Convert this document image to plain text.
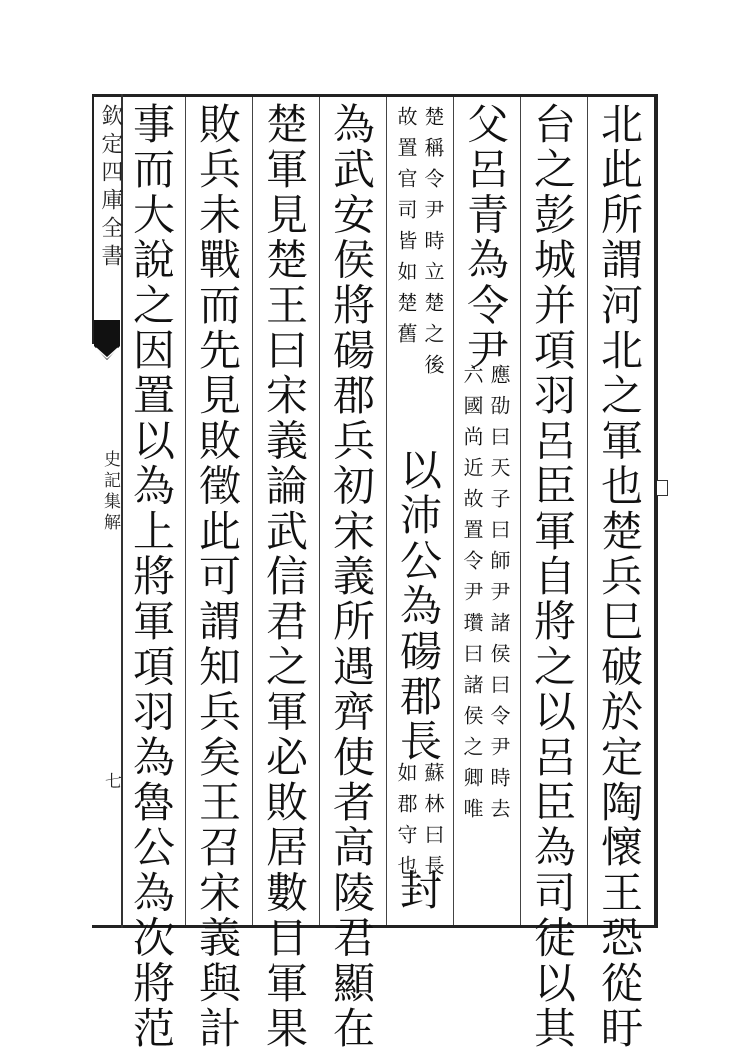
欽定四庫全書
史記集解
七	北此所謂河北之軍也楚兵巳破於定陶懷王恐從盱
台之彭城并項羽呂臣軍自將之以呂臣為司徒以其
父呂青為令尹
應劭曰天子曰師尹諸侯曰令尹時去
六國尚近故置令尹瓚曰諸侯之卿唯
楚稱令尹時立楚之後
故置官司皆如楚舊
以沛公為碭郡長
蘇林曰長
如郡守也
封
為武安侯將碭郡兵初宋義所遇齊使者高陵君顯在
楚軍見楚王曰宋義論武信君之軍必敗居數日軍果
敗兵未戰而先見敗徵此可謂知兵矣王召宋義與計
事而大說之因置以為上將軍項羽為魯公為次將范
